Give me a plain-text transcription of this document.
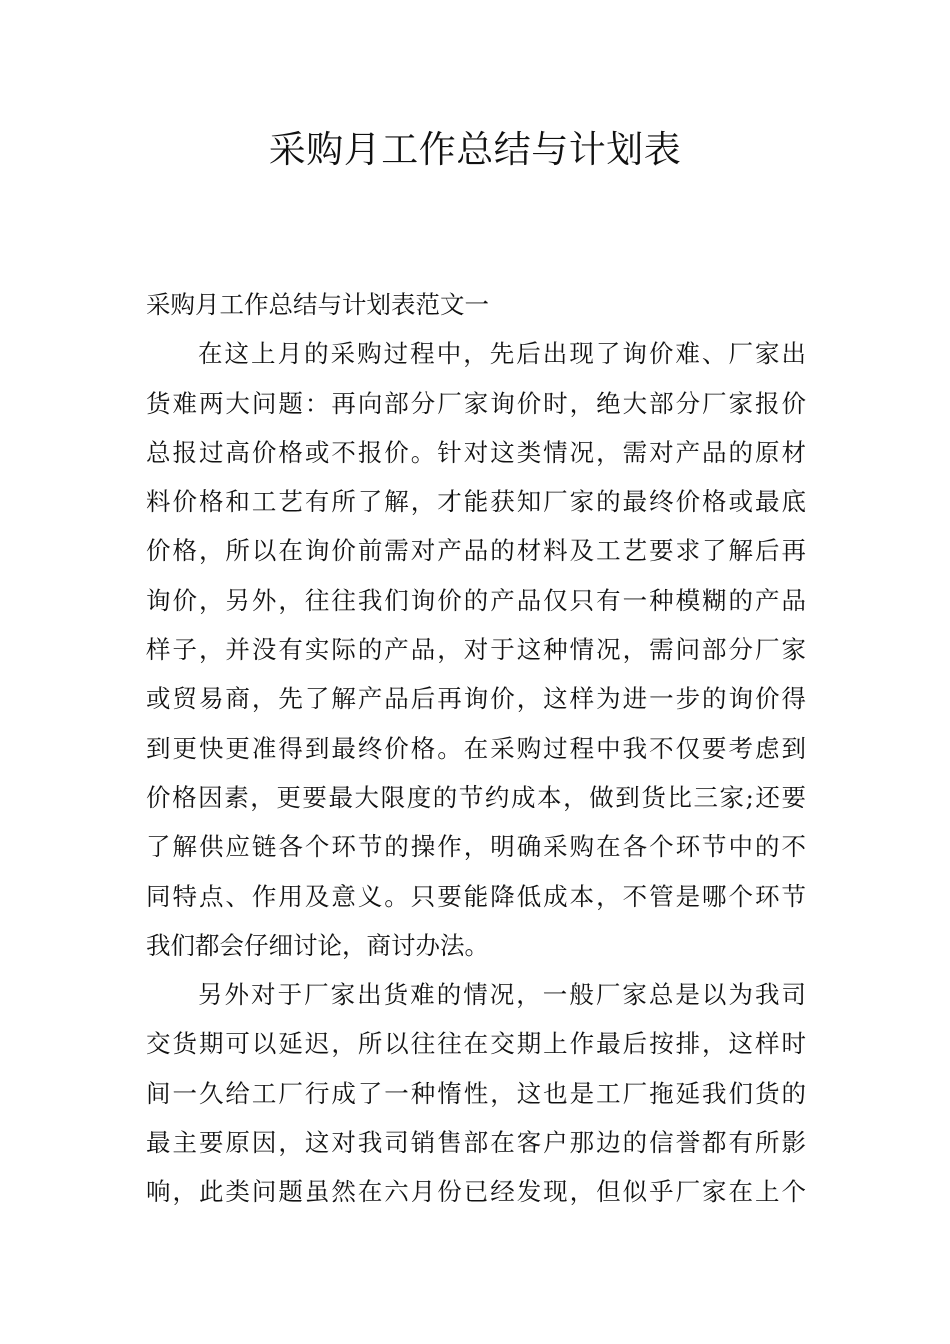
采购月工作总结与计划表

采购月工作总结与计划表范文一

在这上月的采购过程中，先后出现了询价难、厂家出
货难两大问题：再向部分厂家询价时，绝大部分厂家报价
总报过高价格或不报价。针对这类情况，需对产品的原材
料价格和工艺有所了解，才能获知厂家的最终价格或最底
价格，所以在询价前需对产品的材料及工艺要求了解后再
询价，另外，往往我们询价的产品仅只有一种模糊的产品
样子，并没有实际的产品，对于这种情况，需问部分厂家
或贸易商，先了解产品后再询价，这样为进一步的询价得
到更快更准得到最终价格。在采购过程中我不仅要考虑到
价格因素，更要最大限度的节约成本，做到货比三家;还要
了解供应链各个环节的操作，明确采购在各个环节中的不
同特点、作用及意义。只要能降低成本，不管是哪个环节
我们都会仔细讨论，商讨办法。

另外对于厂家出货难的情况，一般厂家总是以为我司
交货期可以延迟，所以往往在交期上作最后按排，这样时
间一久给工厂行成了一种惰性，这也是工厂拖延我们货的
最主要原因，这对我司销售部在客户那边的信誉都有所影
响，此类问题虽然在六月份已经发现，但似乎厂家在上个
